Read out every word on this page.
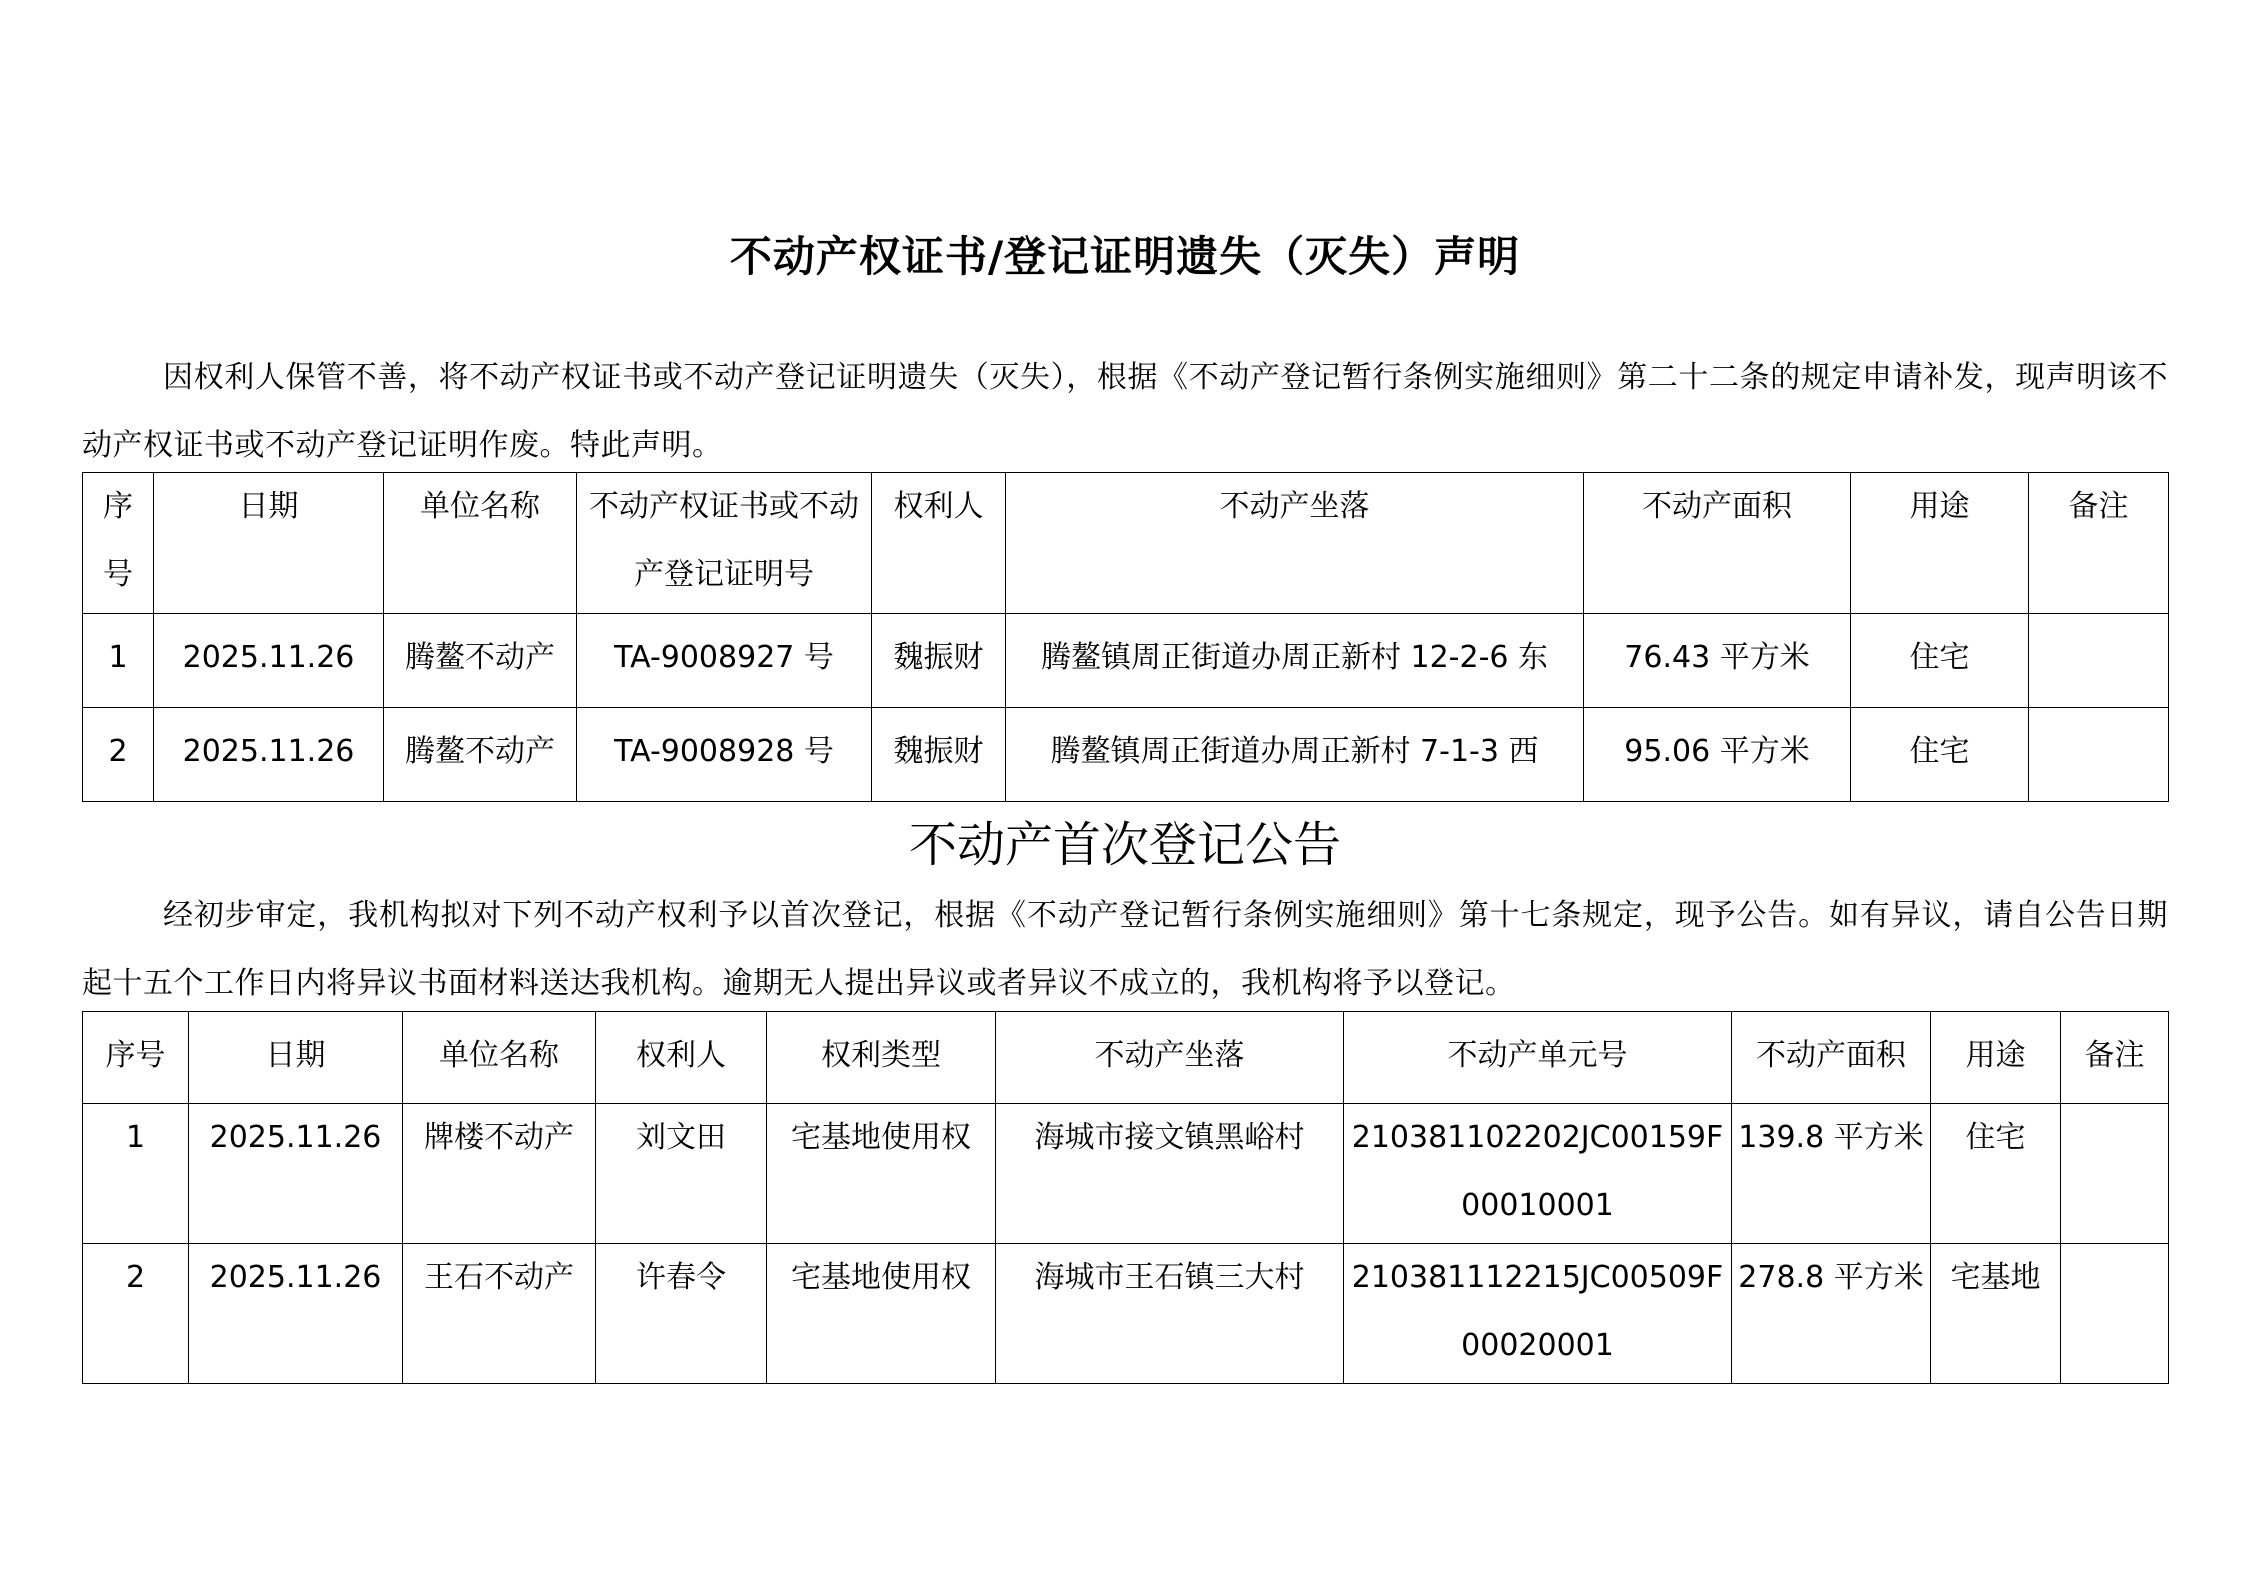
不动产权证书/登记证明遗失（灭失）声明
因权利人保管不善，将不动产权证书或不动产登记证明遗失（灭失），根据《不动产登记暂行条例实施细则》第二十二条的规定申请补发，现声明该不动产权证书或不动产登记证明作废。特此声明。
序号	日期	单位名称	不动产权证书或不动产登记证明号	权利人	不动产坐落	不动产面积	用途	备注
1	2025.11.26	腾鳌不动产	TA-9008927 号	魏振财	腾鳌镇周正街道办周正新村 12-2-6 东	76.43 平方米	住宅	
2	2025.11.26	腾鳌不动产	TA-9008928 号	魏振财	腾鳌镇周正街道办周正新村 7-1-3 西	95.06 平方米	住宅	
不动产首次登记公告
经初步审定，我机构拟对下列不动产权利予以首次登记，根据《不动产登记暂行条例实施细则》第十七条规定，现予公告。如有异议，请自公告日期起十五个工作日内将异议书面材料送达我机构。逾期无人提出异议或者异议不成立的，我机构将予以登记。
序号	日期	单位名称	权利人	权利类型	不动产坐落	不动产单元号	不动产面积	用途	备注
1	2025.11.26	牌楼不动产	刘文田	宅基地使用权	海城市接文镇黑峪村	210381102202JC00159F00010001	139.8 平方米	住宅	
2	2025.11.26	王石不动产	许春令	宅基地使用权	海城市王石镇三大村	210381112215JC00509F00020001	278.8 平方米	宅基地	
